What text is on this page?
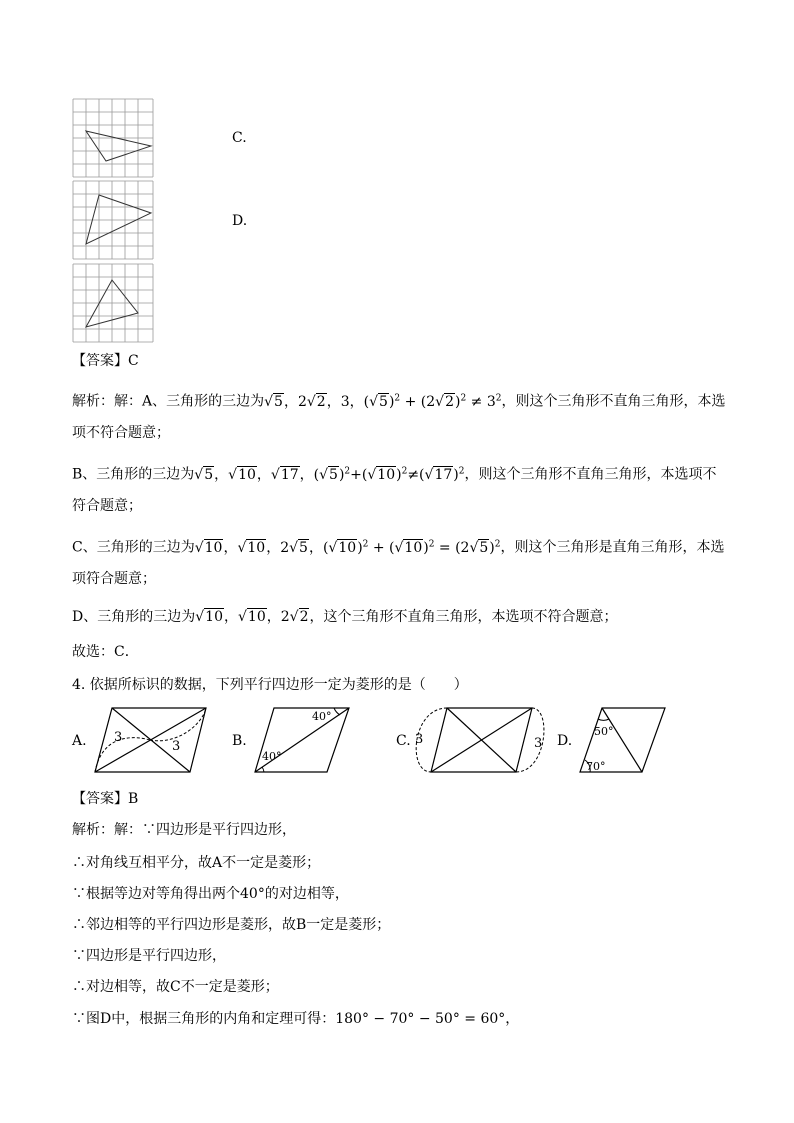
C.
D.
【答案】C
解析：解：A、三角形的三边为√5，2√2，3，$(√5)^2 + (2√2)^2 \ne 3^2$，则这个三角形不直角三角形，本选
项不符合题意；
B、三角形的三边为√5，√10，√17，$(√5)^2+(√10)^2\ne(√17)^2$，则这个三角形不直角三角形，本选项不
符合题意；
C、三角形的三边为√10，√10，2√5，$(√10)^2 + (√10)^2 = (2√5)^2$，则这个三角形是直角三角形，本选
项符合题意；
D、三角形的三边为√10，√10，2√2，这个三角形不直角三角形，本选项不符合题意；
故选：C．
4. 依据所标识的数据，下列平行四边形一定为菱形的是（　　）
A. 3
3	B.
40°
40°
C. 3	3 D.
50°
70°
【答案】B
解析：解：∵四边形是平行四边形，
∴对角线互相平分，故A不一定是菱形；
∵根据等边对等角得出两个40°的对边相等，
∴邻边相等的平行四边形是菱形，故B一定是菱形；
∵四边形是平行四边形，
∴对边相等，故C不一定是菱形；
∵图D中，根据三角形的内角和定理可得：180° − 70° − 50° = 60°，
